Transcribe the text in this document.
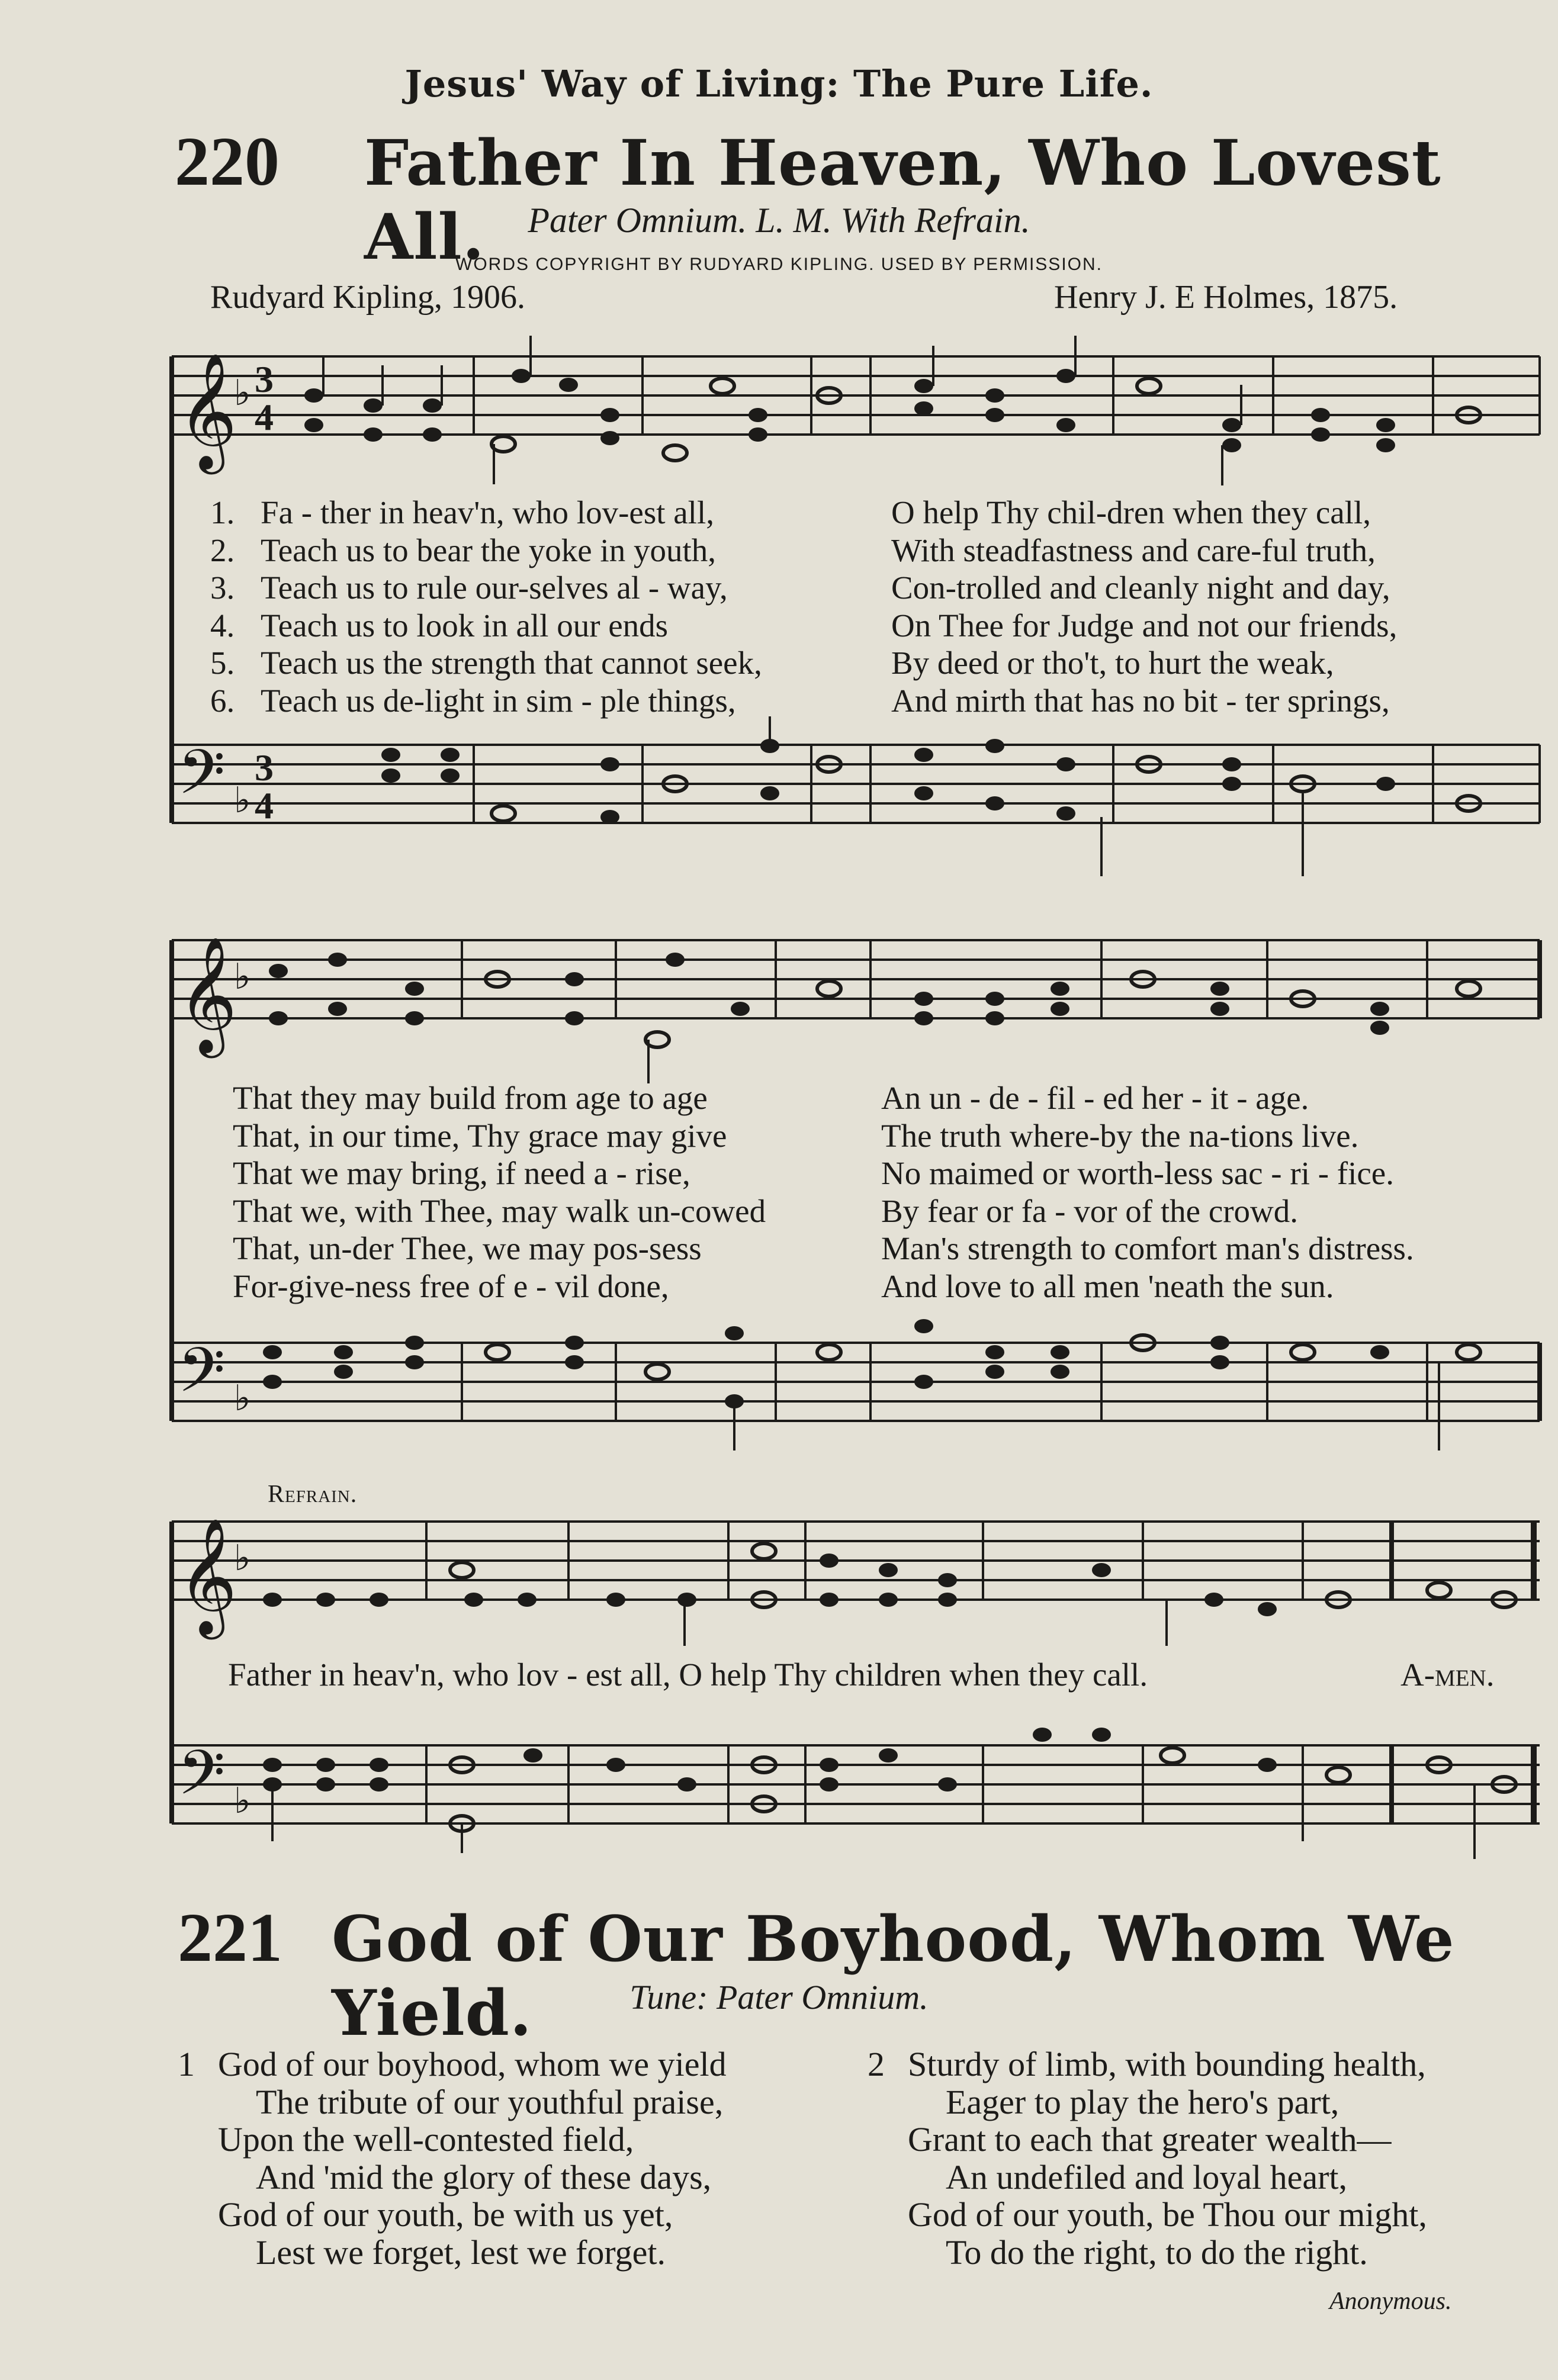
Jesus' Way of Living: The Pure Life.
220 Father In Heaven, Who Lovest All.	Pater Omnium. L. M. With Refrain.
WORDS COPYRIGHT BY RUDYARD KIPLING. USED BY PERMISSION.
Rudyard Kipling, 1906.	Henry J. E Holmes, 1875.
𝄞
𝄢
𝄞
𝄢
𝄞
𝄢
♭
♭
♭
♭
♭
♭
3
4
3
4
1. Fa - ther in heav'n, who lov-est all,	O help Thy chil-dren when they call,
2. Teach us to bear the yoke in youth,	With steadfastness and care-ful truth,
3. Teach us to rule our-selves al - way,	Con-trolled and cleanly night and day,
4. Teach us to look in all our ends	On Thee for Judge and not our friends,
5. Teach us the strength that cannot seek,	By deed or tho't, to hurt the weak,
6. Teach us de-light in sim - ple things,	And mirth that has no bit - ter springs,
That they may build from age to age	An un - de - fil - ed her - it - age.
That, in our time, Thy grace may give	The truth where-by the na-tions live.
That we may bring, if need a - rise,	No maimed or worth-less sac - ri - fice.
That we, with Thee, may walk un-cowed	By fear or fa - vor of the crowd.
That, un-der Thee, we may pos-sess	Man's strength to comfort man's distress.
For-give-ness free of e - vil done,	And love to all men 'neath the sun.
Refrain.
Father in heav'n, who lov - est all, O help Thy children when they call.	A-men.
221 God of Our Boyhood, Whom We Yield.	Tune: Pater Omnium.
1 God of our boyhood, whom we yield
The tribute of our youthful praise,
Upon the well-contested field,
And 'mid the glory of these days,
God of our youth, be with us yet,
Lest we forget, lest we forget.
2 Sturdy of limb, with bounding health,
Eager to play the hero's part,
Grant to each that greater wealth—
An undefiled and loyal heart,
God of our youth, be Thou our might,
To do the right, to do the right.
Anonymous.
